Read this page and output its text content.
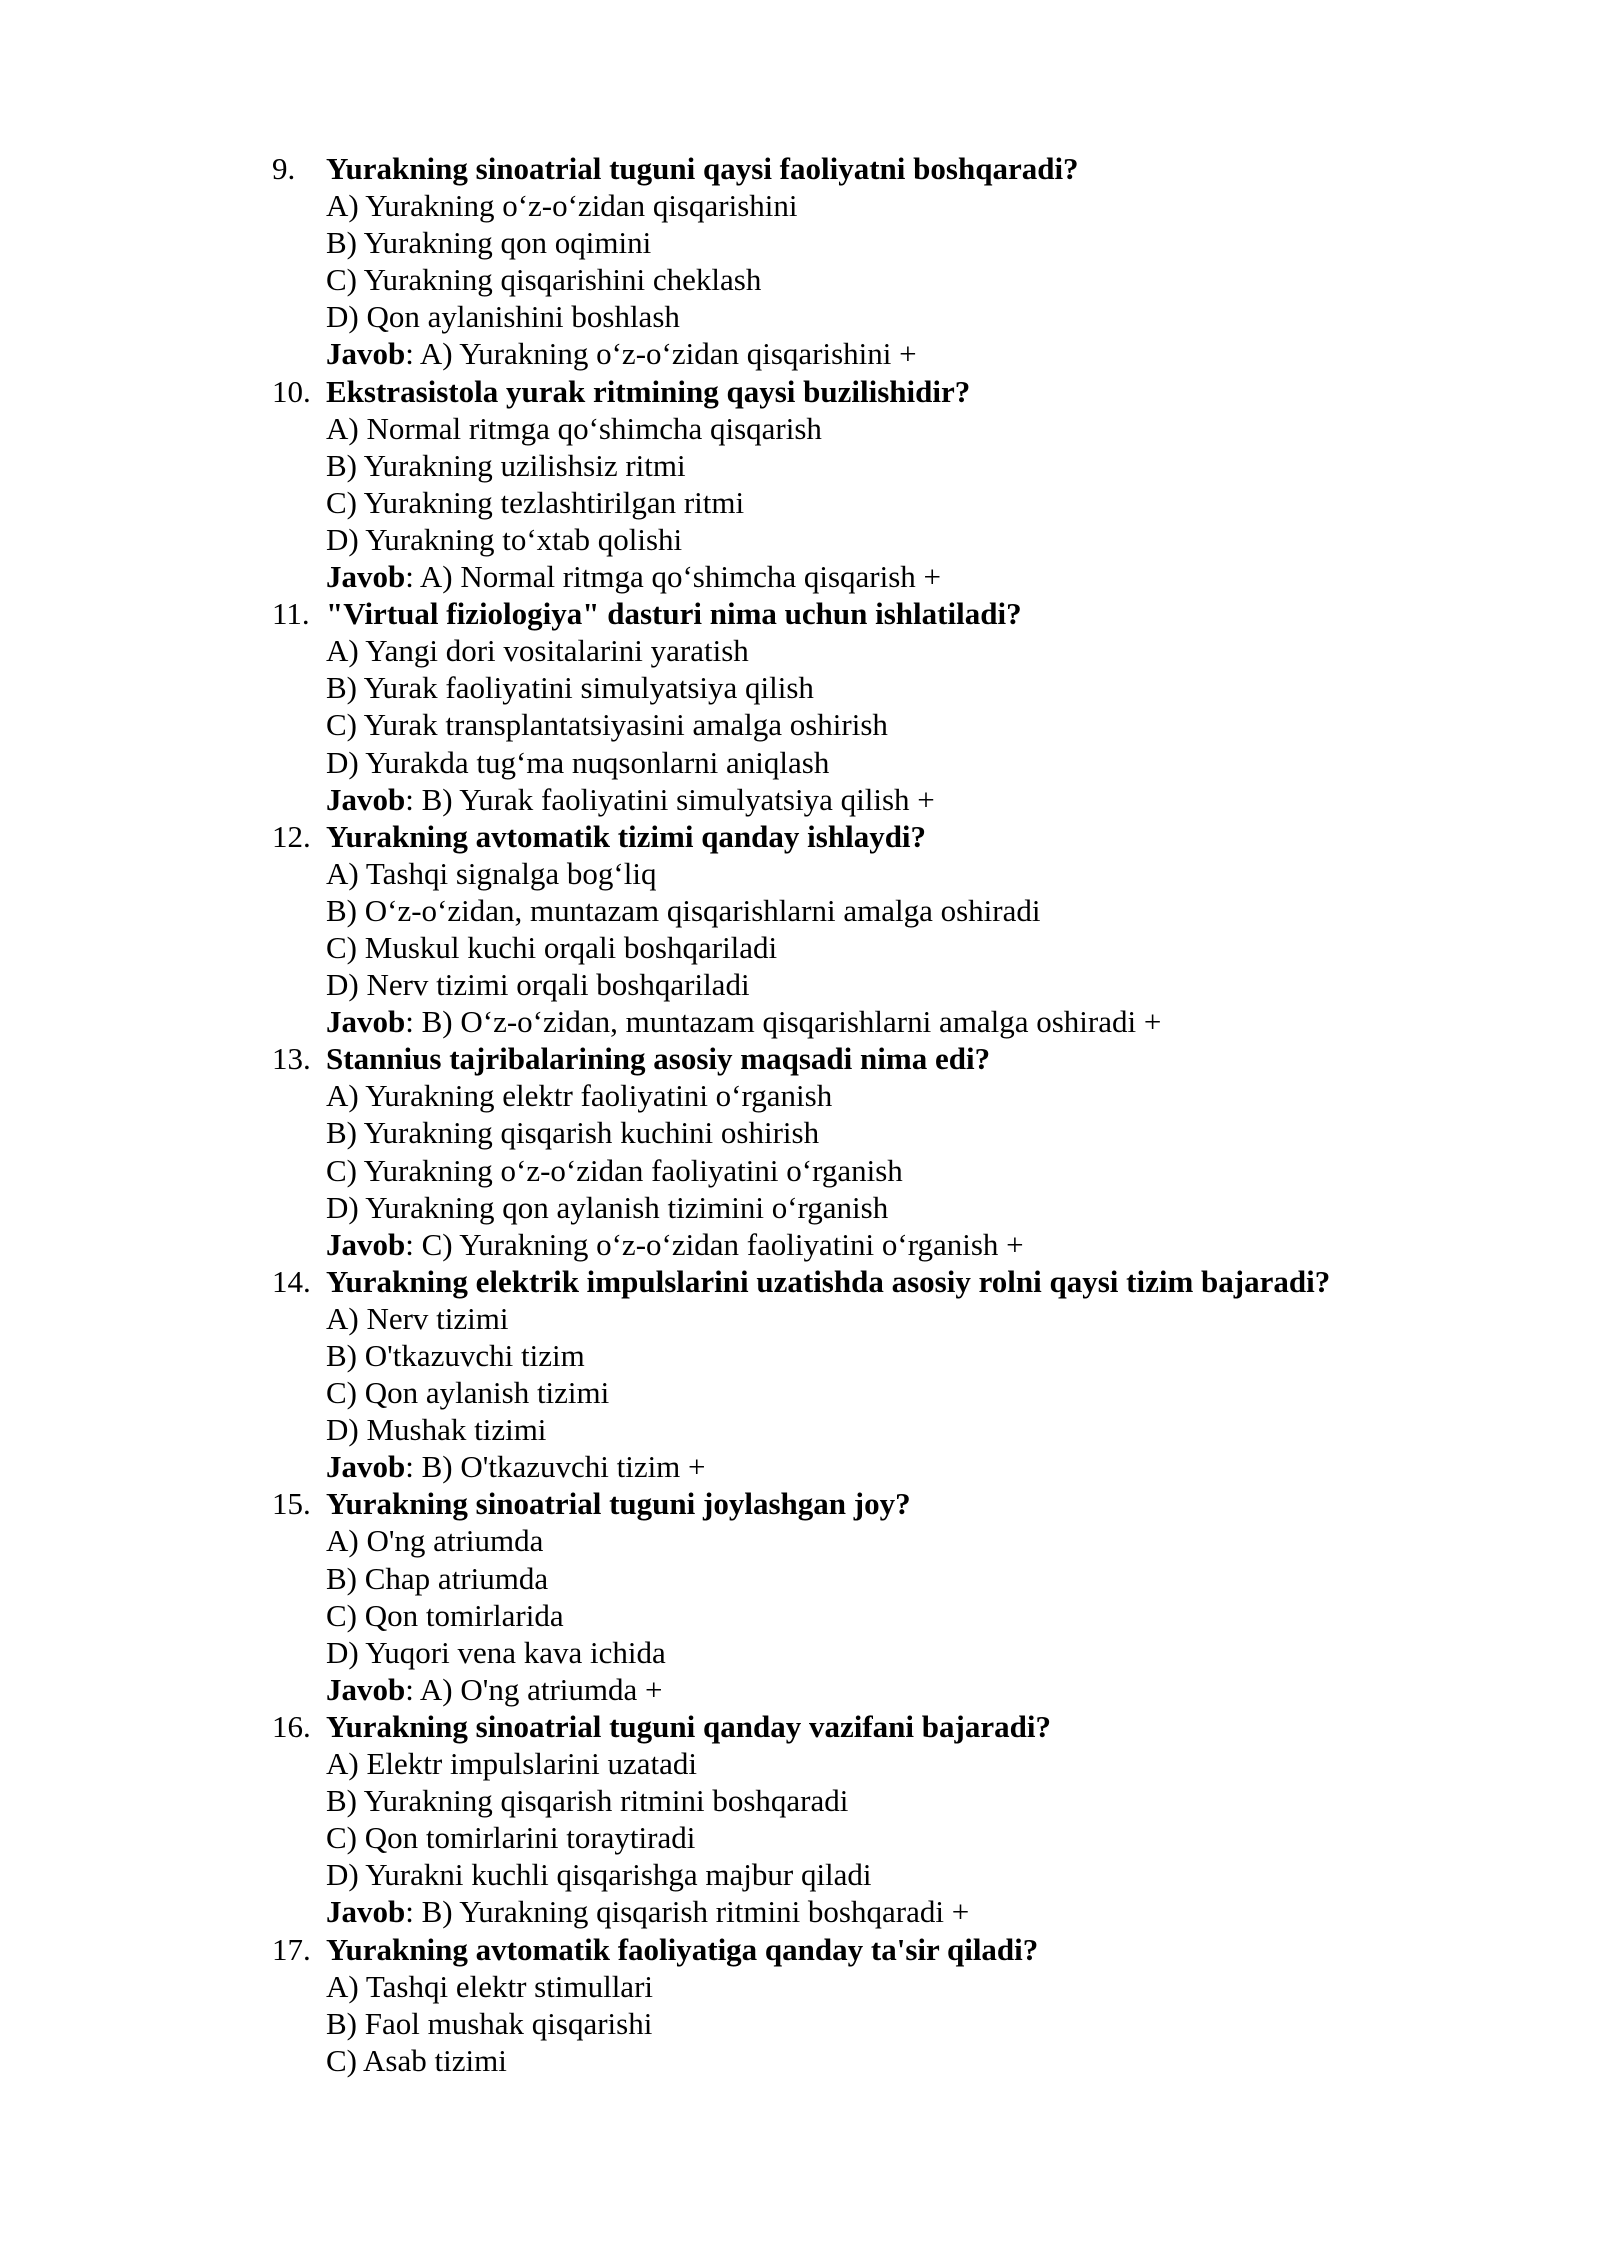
9. Yurakning sinoatrial tuguni qaysi faoliyatni boshqaradi?
A) Yurakning o‘z-o‘zidan qisqarishini
B) Yurakning qon oqimini
C) Yurakning qisqarishini cheklash
D) Qon aylanishini boshlash
Javob : A) Yurakning o‘z-o‘zidan qisqarishini +
10. Ekstrasistola yurak ritmining qaysi buzilishidir?
A) Normal ritmga qo‘shimcha qisqarish
B) Yurakning uzilishsiz ritmi
C) Yurakning tezlashtirilgan ritmi
D) Yurakning to‘xtab qolishi
Javob : A) Normal ritmga qo‘shimcha qisqarish +
11. "Virtual fiziologiya" dasturi nima uchun ishlatiladi?
A) Yangi dori vositalarini yaratish
B) Yurak faoliyatini simulyatsiya qilish
C) Yurak transplantatsiyasini amalga oshirish
D) Yurakda tug‘ma nuqsonlarni aniqlash
Javob : B) Yurak faoliyatini simulyatsiya qilish +
12. Yurakning avtomatik tizimi qanday ishlaydi?
A) Tashqi signalga bog‘liq
B) O‘z-o‘zidan, muntazam qisqarishlarni amalga oshiradi
C) Muskul kuchi orqali boshqariladi
D) Nerv tizimi orqali boshqariladi
Javob : B) O‘z-o‘zidan, muntazam qisqarishlarni amalga oshiradi +
13. Stannius tajribalarining asosiy maqsadi nima edi?
A) Yurakning elektr faoliyatini o‘rganish
B) Yurakning qisqarish kuchini oshirish
C) Yurakning o‘z-o‘zidan faoliyatini o‘rganish
D) Yurakning qon aylanish tizimini o‘rganish
Javob : C) Yurakning o‘z-o‘zidan faoliyatini o‘rganish +
14. Yurakning elektrik impulslarini uzatishda asosiy rolni qaysi tizim bajaradi?
A) Nerv tizimi
B) O'tkazuvchi tizim
C) Qon aylanish tizimi
D) Mushak tizimi
Javob : B) O'tkazuvchi tizim +
15. Yurakning sinoatrial tuguni joylashgan joy?
A) O'ng atriumda
B) Chap atriumda
C) Qon tomirlarida
D) Yuqori vena kava ichida
Javob : A) O'ng atriumda +
16. Yurakning sinoatrial tuguni qanday vazifani bajaradi?
A) Elektr impulslarini uzatadi
B) Yurakning qisqarish ritmini boshqaradi
C) Qon tomirlarini toraytiradi
D) Yurakni kuchli qisqarishga majbur qiladi
Javob : B) Yurakning qisqarish ritmini boshqaradi +
17. Yurakning avtomatik faoliyatiga qanday ta'sir qiladi?
A) Tashqi elektr stimullari
B) Faol mushak qisqarishi
C) Asab tizimi
